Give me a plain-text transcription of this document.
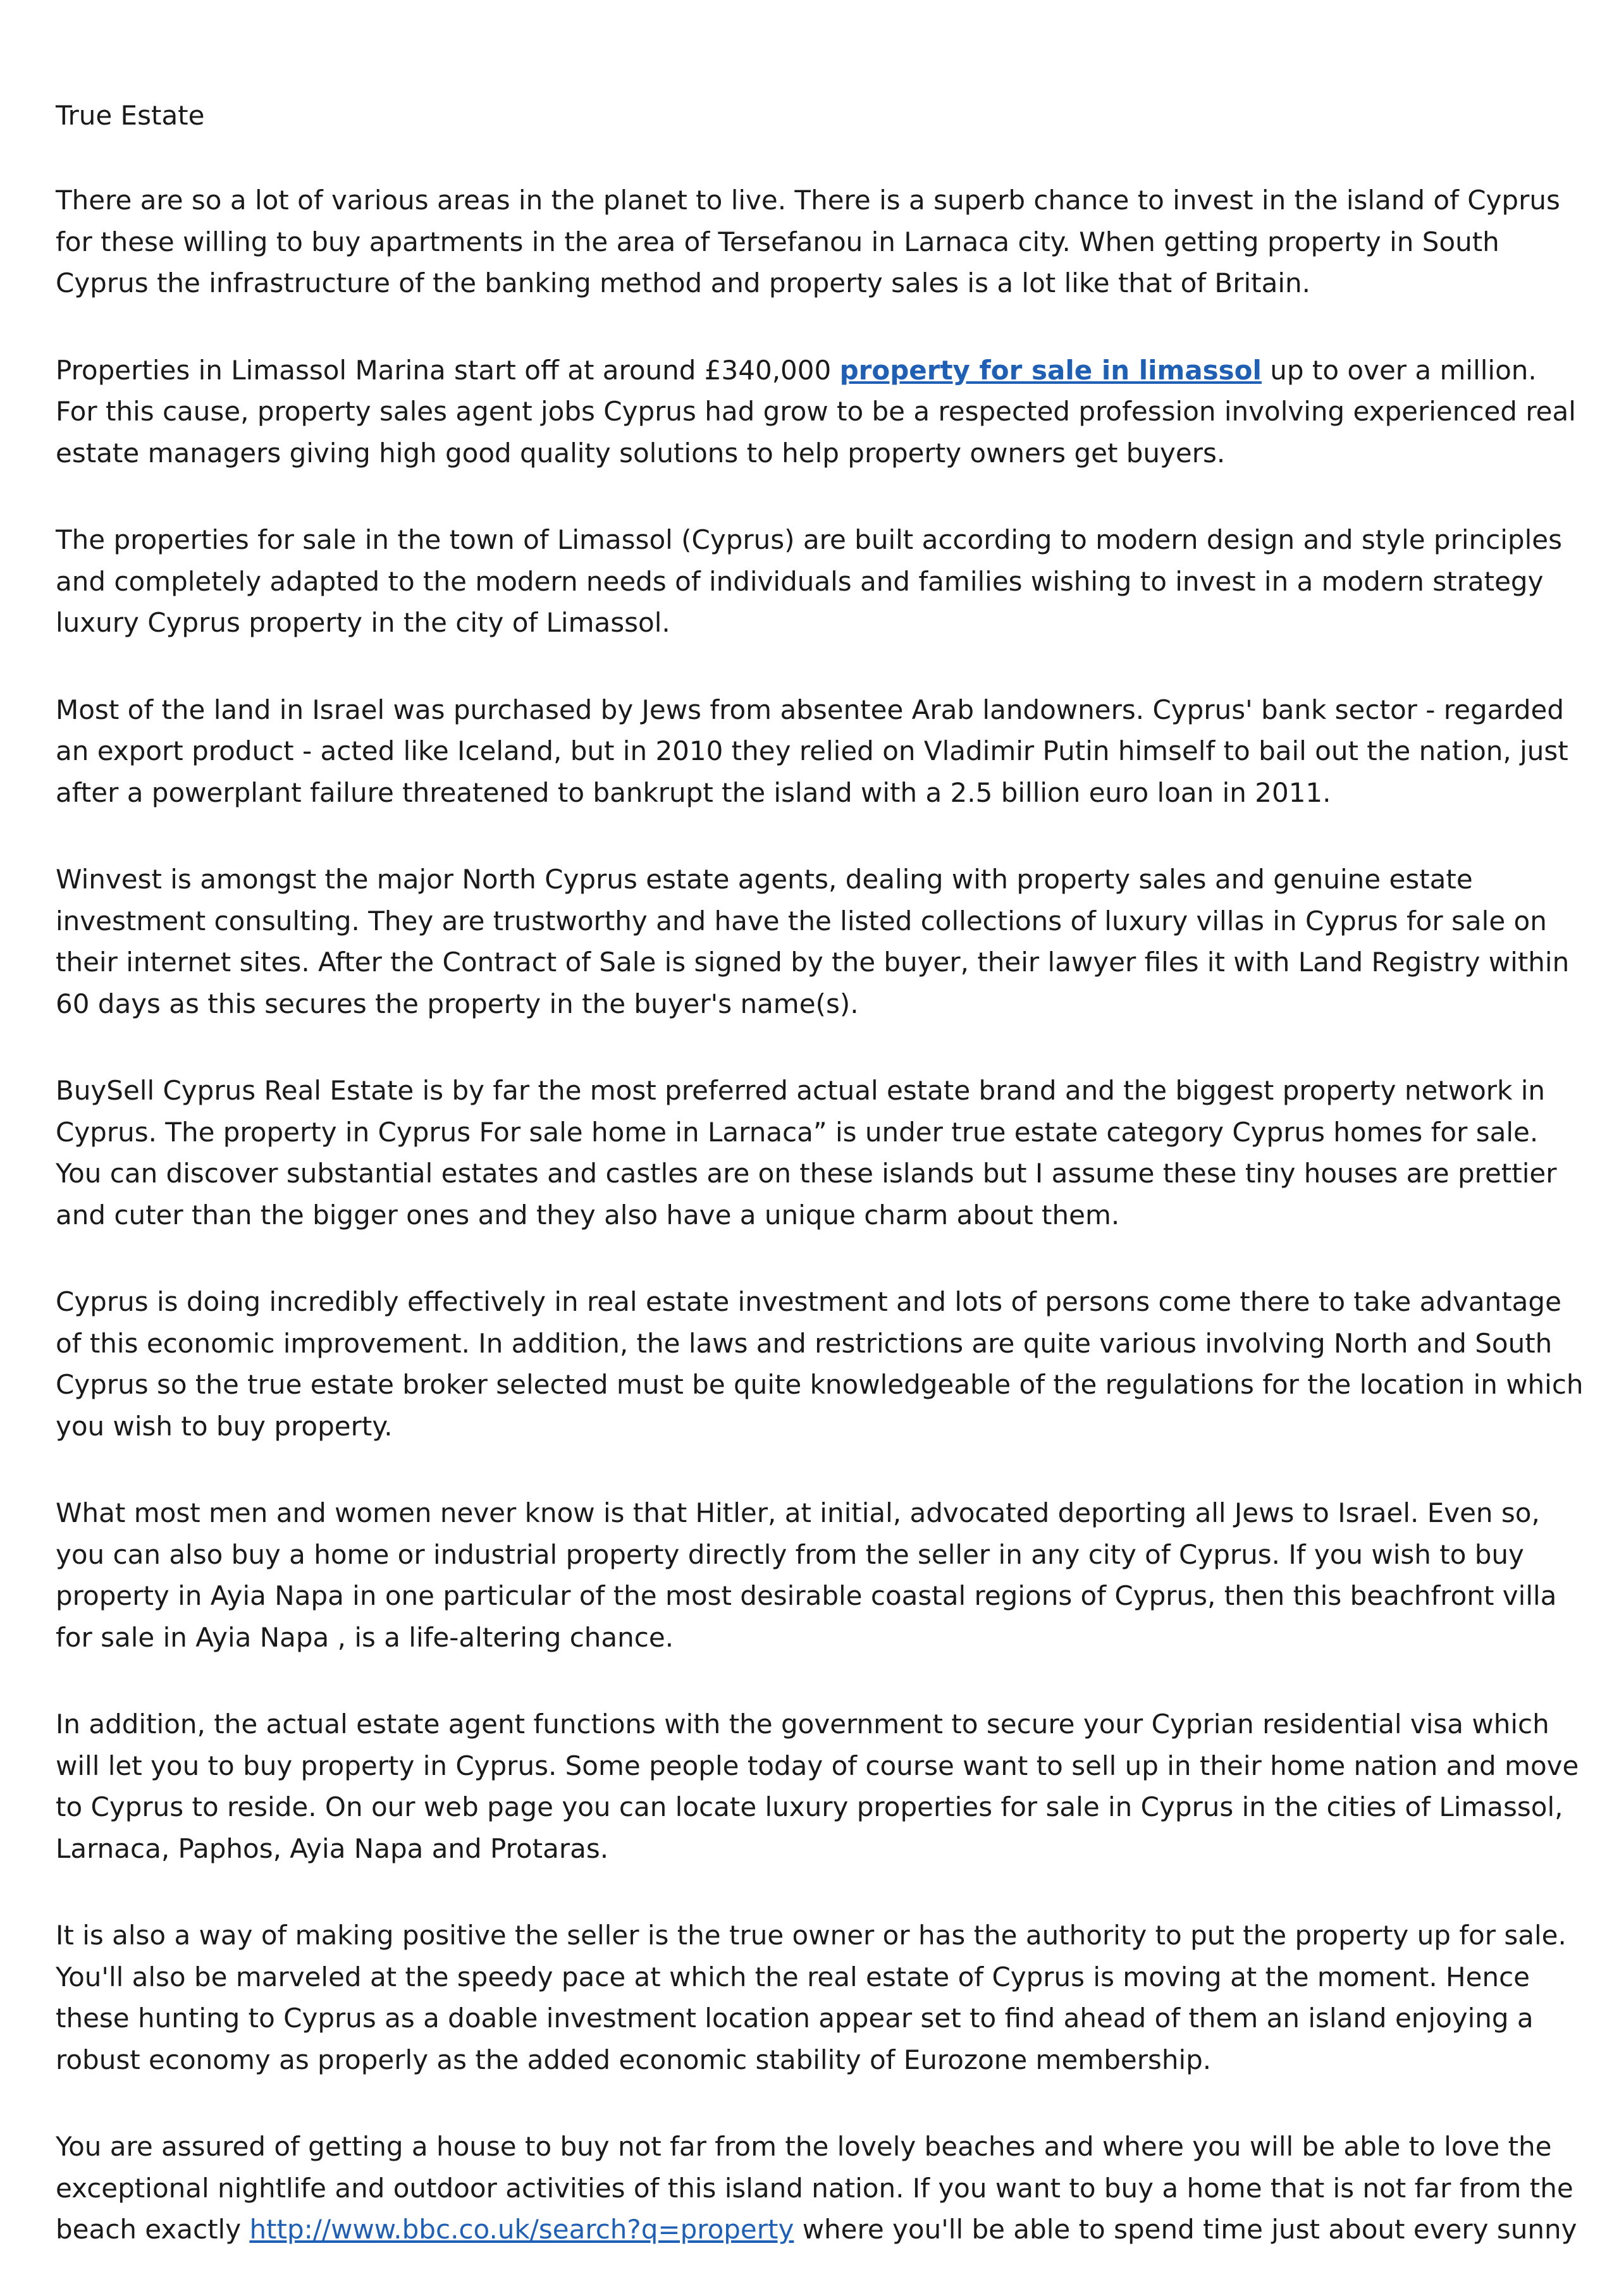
True Estate

There are so a lot of various areas in the planet to live. There is a superb chance to invest in the island of Cyprus for these willing to buy apartments in the area of Tersefanou in Larnaca city. When getting property in South Cyprus the infrastructure of the banking method and property sales is a lot like that of Britain.

Properties in Limassol Marina start off at around £340,000 property for sale in limassol up to over a million. For this cause, property sales agent jobs Cyprus had grow to be a respected profession involving experienced real estate managers giving high good quality solutions to help property owners get buyers.

The properties for sale in the town of Limassol (Cyprus) are built according to modern design and style principles and completely adapted to the modern needs of individuals and families wishing to invest in a modern strategy luxury Cyprus property in the city of Limassol.

Most of the land in Israel was purchased by Jews from absentee Arab landowners. Cyprus' bank sector - regarded an export product - acted like Iceland, but in 2010 they relied on Vladimir Putin himself to bail out the nation, just after a powerplant failure threatened to bankrupt the island with a 2.5 billion euro loan in 2011.

Winvest is amongst the major North Cyprus estate agents, dealing with property sales and genuine estate investment consulting. They are trustworthy and have the listed collections of luxury villas in Cyprus for sale on their internet sites. After the Contract of Sale is signed by the buyer, their lawyer files it with Land Registry within 60 days as this secures the property in the buyer's name(s).

BuySell Cyprus Real Estate is by far the most preferred actual estate brand and the biggest property network in Cyprus. The property in Cyprus For sale home in Larnaca” is under true estate category Cyprus homes for sale. You can discover substantial estates and castles are on these islands but I assume these tiny houses are prettier and cuter than the bigger ones and they also have a unique charm about them.

Cyprus is doing incredibly effectively in real estate investment and lots of persons come there to take advantage of this economic improvement. In addition, the laws and restrictions are quite various involving North and South Cyprus so the true estate broker selected must be quite knowledgeable of the regulations for the location in which you wish to buy property.

What most men and women never know is that Hitler, at initial, advocated deporting all Jews to Israel. Even so, you can also buy a home or industrial property directly from the seller in any city of Cyprus. If you wish to buy property in Ayia Napa in one particular of the most desirable coastal regions of Cyprus, then this beachfront villa for sale in Ayia Napa , is a life-altering chance.

In addition, the actual estate agent functions with the government to secure your Cyprian residential visa which will let you to buy property in Cyprus. Some people today of course want to sell up in their home nation and move to Cyprus to reside. On our web page you can locate luxury properties for sale in Cyprus in the cities of Limassol, Larnaca, Paphos, Ayia Napa and Protaras.

It is also a way of making positive the seller is the true owner or has the authority to put the property up for sale. You'll also be marveled at the speedy pace at which the real estate of Cyprus is moving at the moment. Hence these hunting to Cyprus as a doable investment location appear set to find ahead of them an island enjoying a robust economy as properly as the added economic stability of Eurozone membership.

You are assured of getting a house to buy not far from the lovely beaches and where you will be able to love the exceptional nightlife and outdoor activities of this island nation. If you want to buy a home that is not far from the beach exactly http://www.bbc.co.uk/search?q=property where you'll be able to spend time just about every sunny
